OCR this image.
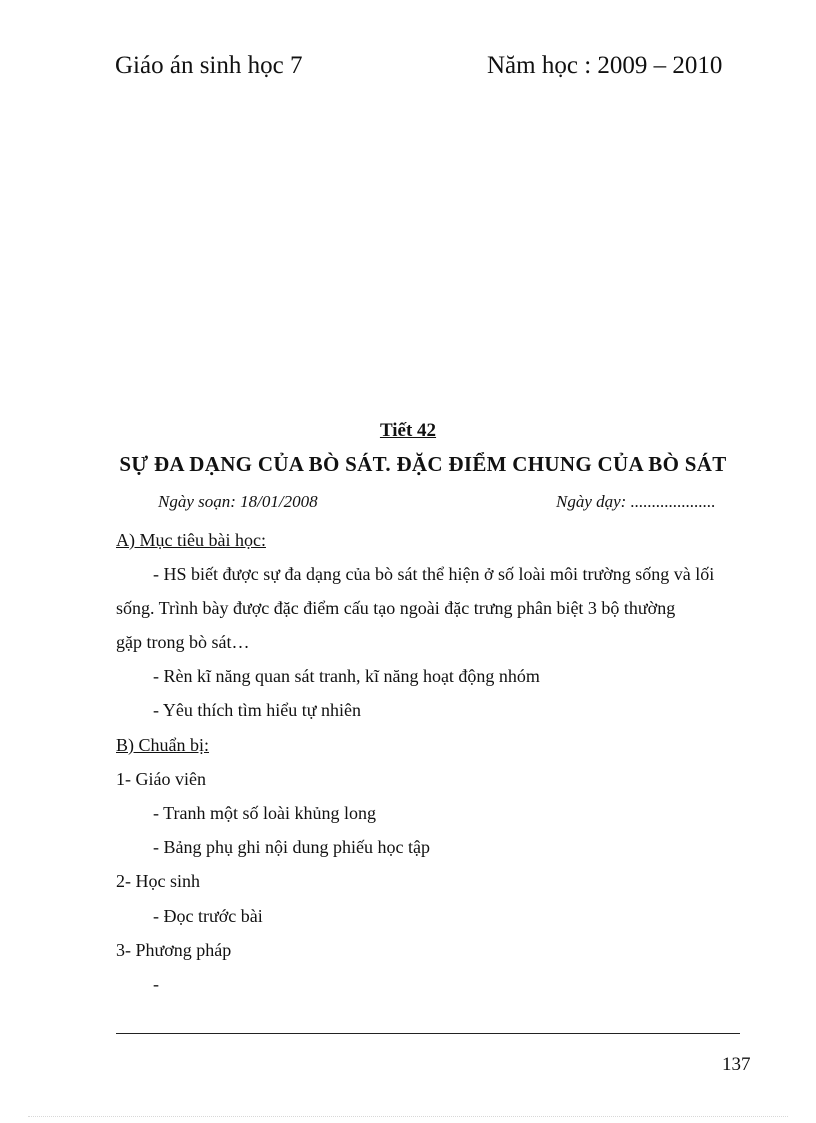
Giáo án sinh học 7	Năm học : 2009 – 2010
Tiết 42
SỰ ĐA DẠNG CỦA BÒ SÁT. ĐẶC ĐIỂM CHUNG CỦA BÒ SÁT
Ngày soạn: 18/01/2008	Ngày dạy: ....................
A) Mục tiêu bài học:
- HS biết được sự đa dạng của bò sát thể hiện ở số loài môi trường sống và lối
sống. Trình bày được đặc điểm cấu tạo ngoài đặc trưng phân biệt 3 bộ thường
gặp trong bò sát…
- Rèn kĩ năng quan sát tranh, kĩ năng hoạt động nhóm
- Yêu thích tìm hiểu tự nhiên
B) Chuẩn bị:
1- Giáo viên
- Tranh một số loài khủng long
- Bảng phụ ghi nội dung phiếu học tập
2- Học sinh
- Đọc trước bài
3- Phương pháp
-
137
